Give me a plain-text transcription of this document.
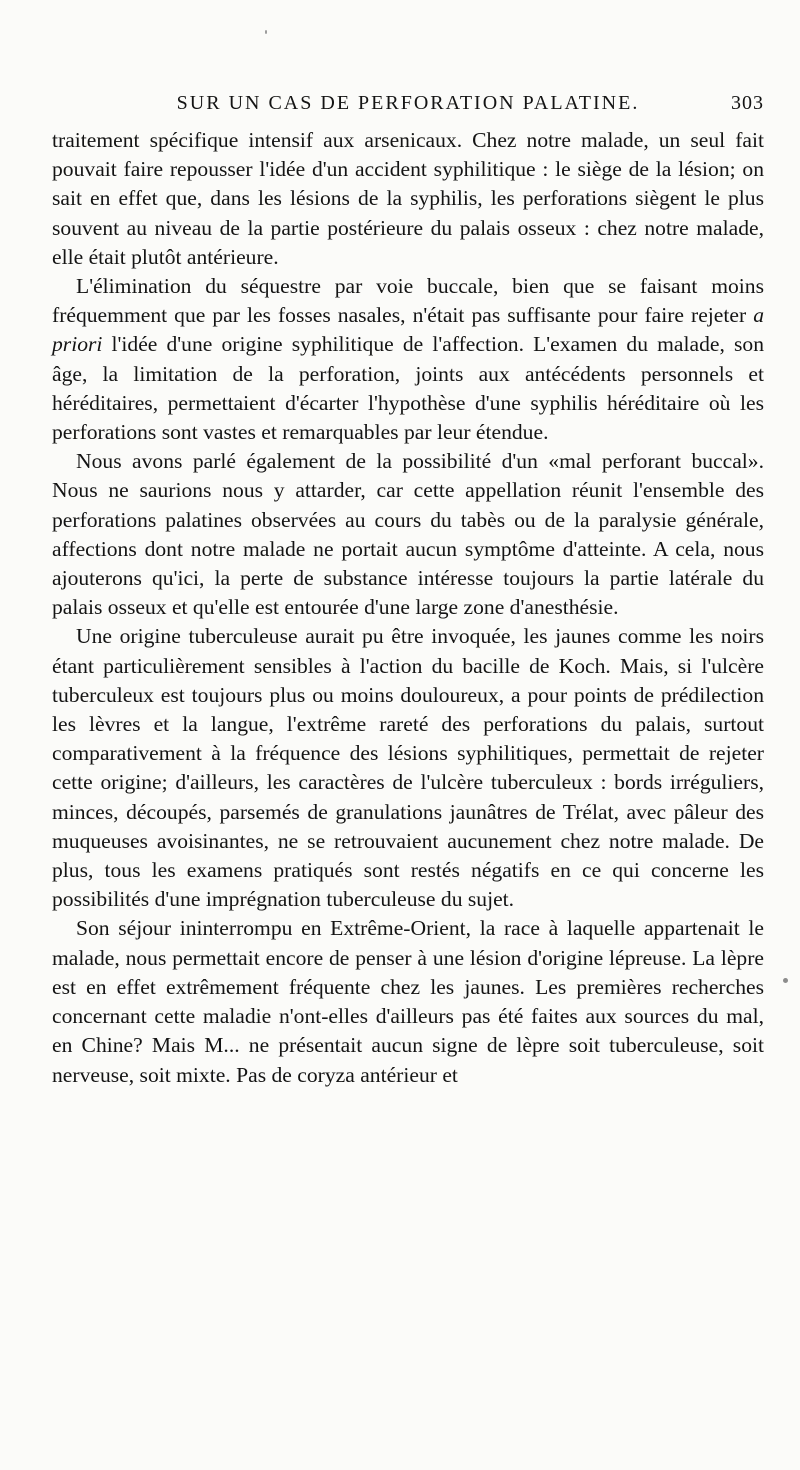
SUR UN CAS DE PERFORATION PALATINE.	303

traitement spécifique intensif aux arsenicaux. Chez notre malade, un seul fait pouvait faire repousser l'idée d'un accident syphilitique : le siège de la lésion; on sait en effet que, dans les lésions de la syphilis, les perforations siègent le plus souvent au niveau de la partie postérieure du palais osseux : chez notre malade, elle était plutôt antérieure.

L'élimination du séquestre par voie buccale, bien que se faisant moins fréquemment que par les fosses nasales, n'était pas suffisante pour faire rejeter a priori l'idée d'une origine syphilitique de l'affection. L'examen du malade, son âge, la limitation de la perforation, joints aux antécédents personnels et héréditaires, permettaient d'écarter l'hypothèse d'une syphilis héréditaire où les perforations sont vastes et remarquables par leur étendue.

Nous avons parlé également de la possibilité d'un «mal perforant buccal». Nous ne saurions nous y attarder, car cette appellation réunit l'ensemble des perforations palatines observées au cours du tabès ou de la paralysie générale, affections dont notre malade ne portait aucun symptôme d'atteinte. A cela, nous ajouterons qu'ici, la perte de substance intéresse toujours la partie latérale du palais osseux et qu'elle est entourée d'une large zone d'anesthésie.

Une origine tuberculeuse aurait pu être invoquée, les jaunes comme les noirs étant particulièrement sensibles à l'action du bacille de Koch. Mais, si l'ulcère tuberculeux est toujours plus ou moins douloureux, a pour points de prédilection les lèvres et la langue, l'extrême rareté des perforations du palais, surtout comparativement à la fréquence des lésions syphilitiques, permettait de rejeter cette origine; d'ailleurs, les caractères de l'ulcère tuberculeux : bords irréguliers, minces, découpés, parsemés de granulations jaunâtres de Trélat, avec pâleur des muqueuses avoisinantes, ne se retrouvaient aucunement chez notre malade. De plus, tous les examens pratiqués sont restés négatifs en ce qui concerne les possibilités d'une imprégnation tuberculeuse du sujet.

Son séjour ininterrompu en Extrême-Orient, la race à laquelle appartenait le malade, nous permettait encore de penser à une lésion d'origine lépreuse. La lèpre est en effet extrêmement fréquente chez les jaunes. Les premières recherches concernant cette maladie n'ont-elles d'ailleurs pas été faites aux sources du mal, en Chine? Mais M... ne présentait aucun signe de lèpre soit tuberculeuse, soit nerveuse, soit mixte. Pas de coryza antérieur et
